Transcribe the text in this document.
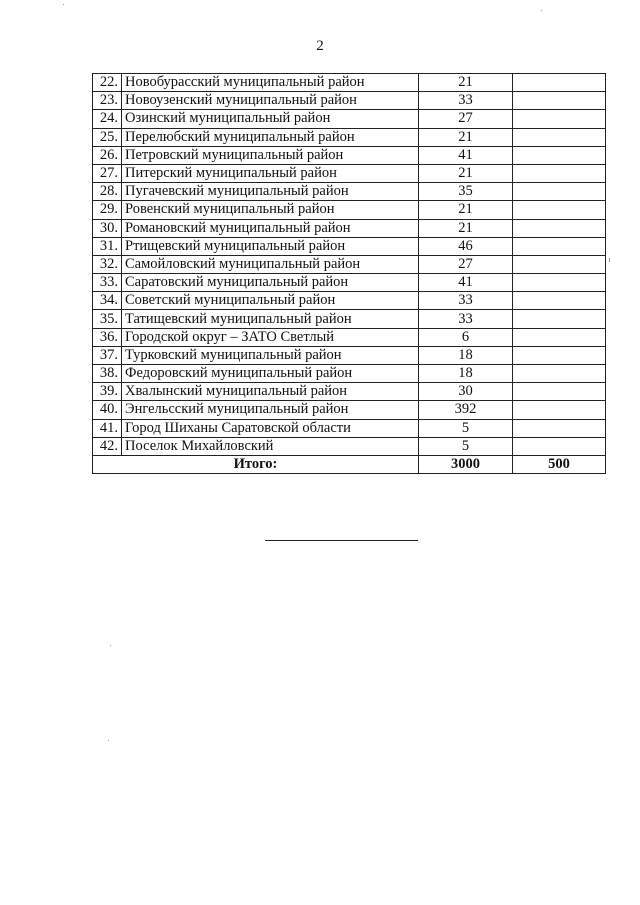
2
22.	Новобурасский муниципальный район	21	
23.	Новоузенский муниципальный район	33	
24.	Озинский муниципальный район	27	
25.	Перелюбский муниципальный район	21	
26.	Петровский муниципальный район	41	
27.	Питерский муниципальный район	21	
28.	Пугачевский муниципальный район	35	
29.	Ровенский муниципальный район	21	
30.	Романовский муниципальный район	21	
31.	Ртищевский муниципальный район	46	
32.	Самойловский муниципальный район	27	
33.	Саратовский муниципальный район	41	
34.	Советский муниципальный район	33	
35.	Татищевский муниципальный район	33	
36.	Городской округ – ЗАТО Светлый	6	
37.	Турковский муниципальный район	18	
38.	Федоровский муниципальный район	18	
39.	Хвалынский муниципальный район	30	
40.	Энгельсский муниципальный район	392	
41.	Город Шиханы Саратовской области	5	
42.	Поселок Михайловский	5	
Итого:		3000	500
